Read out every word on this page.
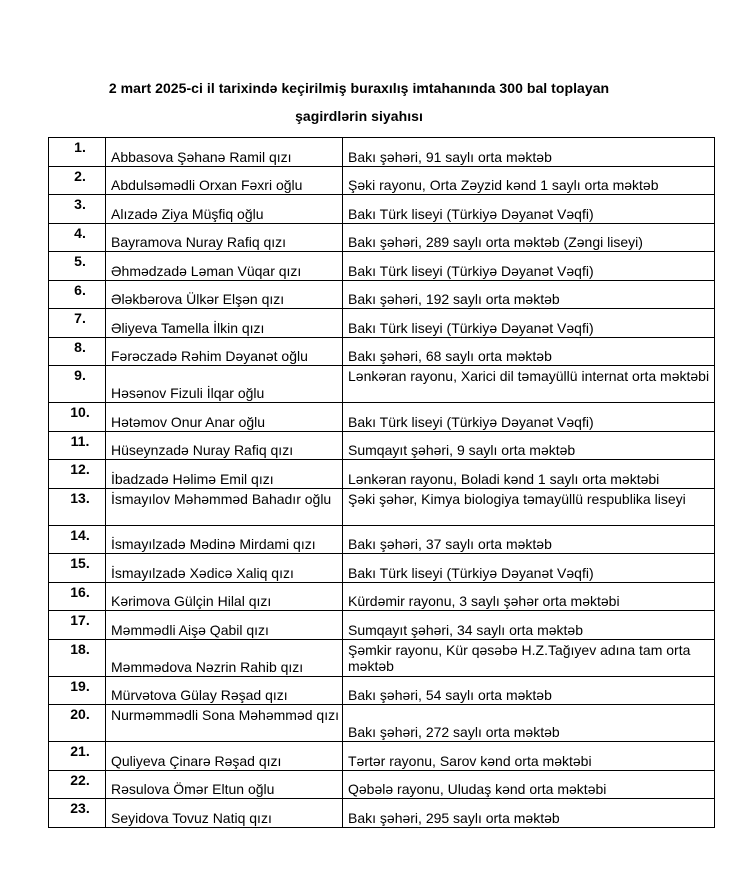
2 mart 2025-ci il tarixində keçirilmiş buraxılış imtahanında 300 bal toplayan
şagirdlərin siyahısı
1.	Abbasova Şəhanə Ramil qızı	Bakı şəhəri, 91 saylı orta məktəb
2.	Abdulsəmədli Orxan Fəxri oğlu	Şəki rayonu, Orta Zəyzid kənd 1 saylı orta məktəb
3.	Alızadə Ziya Müşfiq oğlu	Bakı Türk liseyi (Türkiyə Dəyanət Vəqfi)
4.	Bayramova Nuray Rafiq qızı	Bakı şəhəri, 289 saylı orta məktəb (Zəngi liseyi)
5.	Əhmədzadə Ləman Vüqar qızı	Bakı Türk liseyi (Türkiyə Dəyanət Vəqfi)
6.	Ələkbərova Ülkər Elşən qızı	Bakı şəhəri, 192 saylı orta məktəb
7.	Əliyeva Tamella İlkin qızı	Bakı Türk liseyi (Türkiyə Dəyanət Vəqfi)
8.	Fərəczadə Rəhim Dəyanət oğlu	Bakı şəhəri, 68 saylı orta məktəb
9.	Həsənov Fizuli İlqar oğlu	Lənkəran rayonu, Xarici dil təmayüllü internat orta məktəbi
10.	Hətəmov Onur Anar oğlu	Bakı Türk liseyi (Türkiyə Dəyanət Vəqfi)
11.	Hüseynzadə Nuray Rafiq qızı	Sumqayıt şəhəri, 9 saylı orta məktəb
12.	İbadzadə Həlimə Emil qızı	Lənkəran rayonu, Boladi kənd 1 saylı orta məktəbi
13.	İsmayılov Məhəmməd Bahadır oğlu	Şəki şəhər, Kimya biologiya təmayüllü respublika liseyi
14.	İsmayılzadə Mədinə Mirdami qızı	Bakı şəhəri, 37 saylı orta məktəb
15.	İsmayılzadə Xədicə Xaliq qızı	Bakı Türk liseyi (Türkiyə Dəyanət Vəqfi)
16.	Kərimova Gülçin Hilal qızı	Kürdəmir rayonu, 3 saylı şəhər orta məktəbi
17.	Məmmədli Aişə Qabil qızı	Sumqayıt şəhəri, 34 saylı orta məktəb
18.	Məmmədova Nəzrin Rahib qızı	Şəmkir rayonu, Kür qəsəbə H.Z.Tağıyev adına tam orta məktəb
19.	Mürvətova Gülay Rəşad qızı	Bakı şəhəri, 54 saylı orta məktəb
20.	Nurməmmədli Sona Məhəmməd qızı	Bakı şəhəri, 272 saylı orta məktəb
21.	Quliyeva Çinarə Rəşad qızı	Tərtər rayonu, Sarov kənd orta məktəbi
22.	Rəsulova Ömər Eltun oğlu	Qəbələ rayonu, Uludaş kənd orta məktəbi
23.	Seyidova Tovuz Natiq qızı	Bakı şəhəri, 295 saylı orta məktəb
